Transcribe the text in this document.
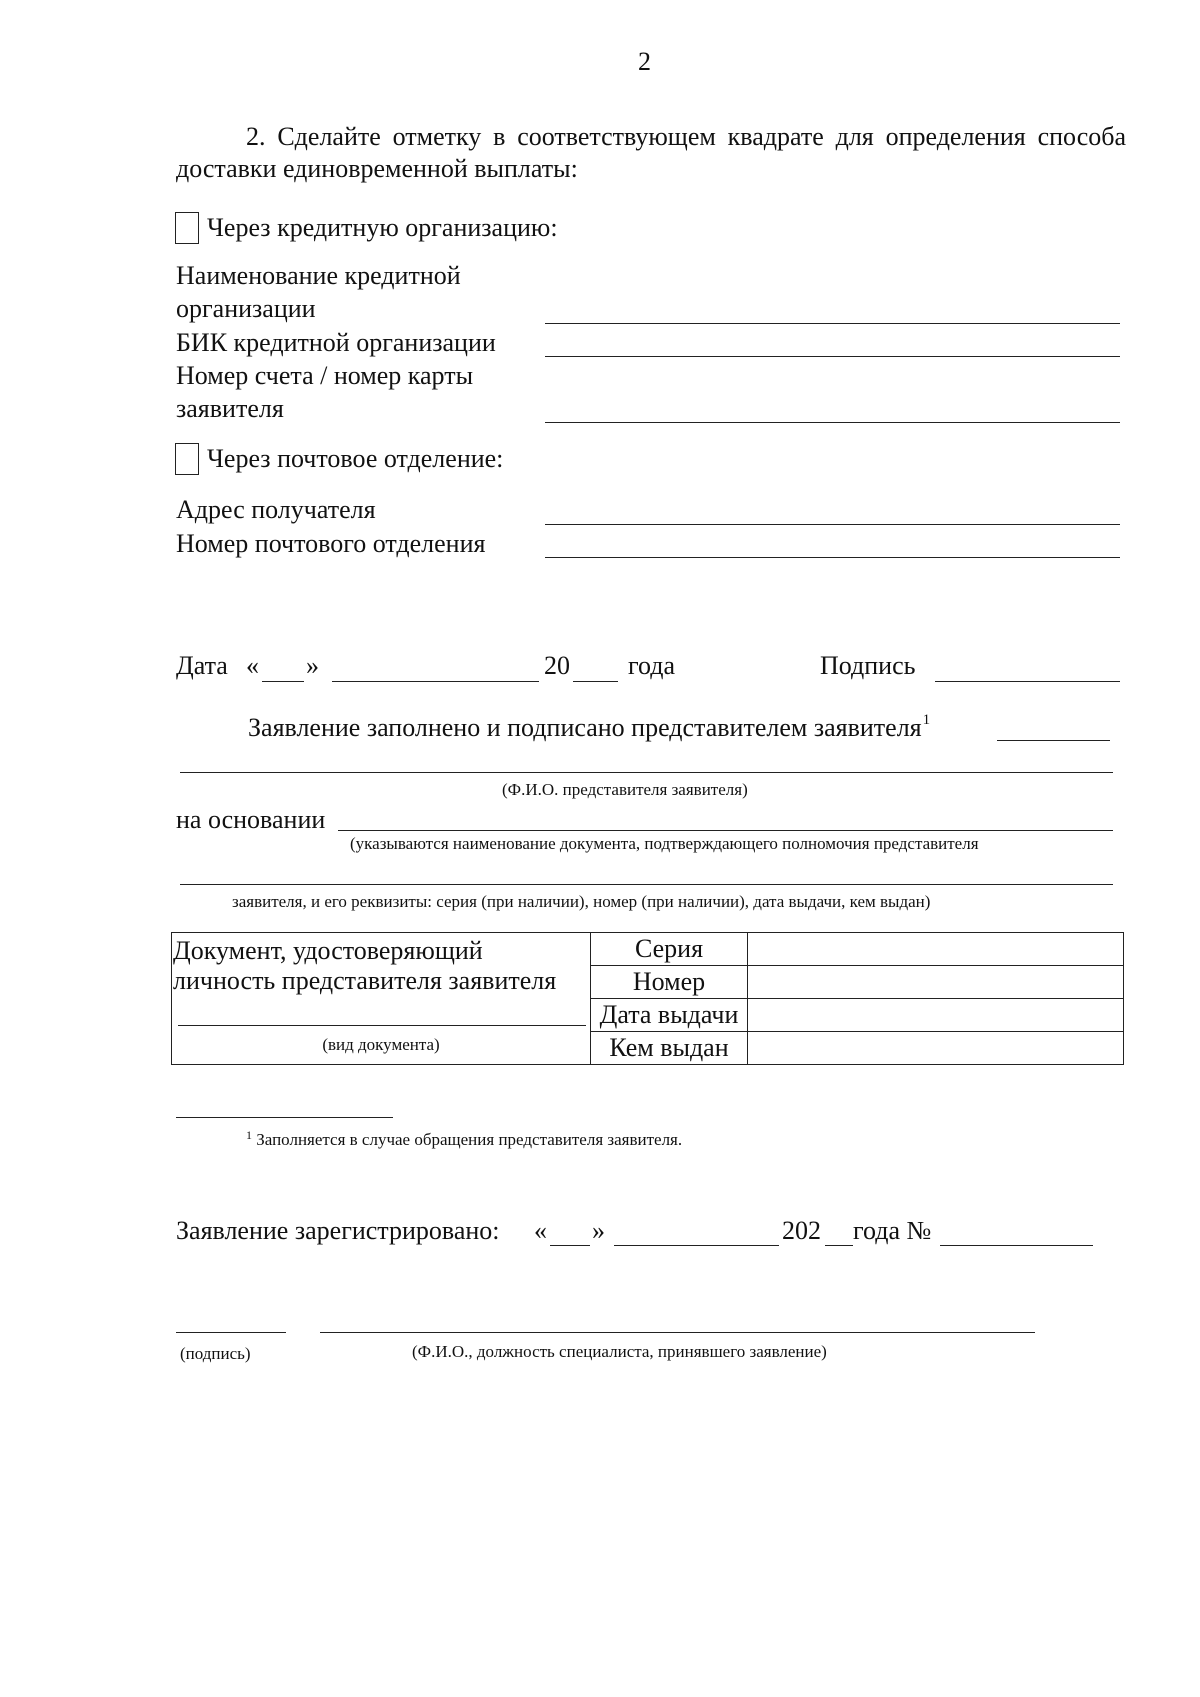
2
2. Сделайте отметку в соответствующем квадрате для определения способа доставки единовременной выплаты:
Через кредитную организацию:
Наименование кредитной
организации
БИК кредитной организации
Номер счета / номер карты
заявителя
Через почтовое отделение:
Адрес получателя
Номер почтового отделения
Дата « »	20 года	Подпись
Заявление заполнено и подписано представителем заявителя$^1$
(Ф.И.О. представителя заявителя)
на основании
(указываются наименование документа, подтверждающего полномочия представителя
заявителя, и его реквизиты: серия (при наличии), номер (при наличии), дата выдачи, кем выдан)
Документ, удостоверяющий
личность представителя заявителя
(вид документа)	Серия	
	Номер	
	Дата выдачи	
	Кем выдан	
$^1$ Заполняется в случае обращения представителя заявителя.
Заявление зарегистрировано: « »	202 года №
(подпись)	(Ф.И.О., должность специалиста, принявшего заявление)
